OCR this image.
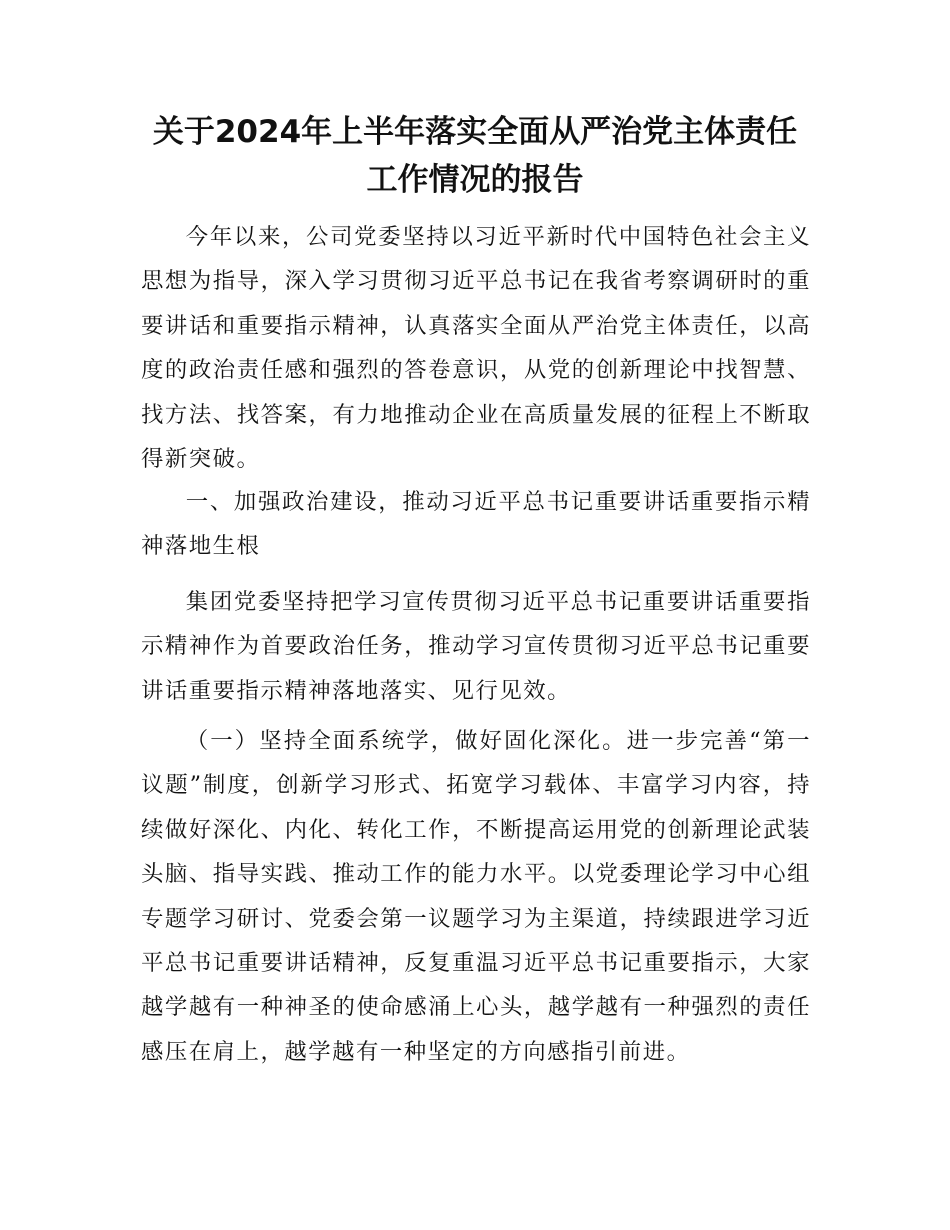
关于2024年上半年落实全面从严治党主体责任
工作情况的报告

今年以来，公司党委坚持以习近平新时代中国特色社会主义思想为指导，深入学习贯彻习近平总书记在我省考察调研时的重要讲话和重要指示精神，认真落实全面从严治党主体责任，以高度的政治责任感和强烈的答卷意识，从党的创新理论中找智慧、找方法、找答案，有力地推动企业在高质量发展的征程上不断取得新突破。

一、加强政治建设，推动习近平总书记重要讲话重要指示精神落地生根

集团党委坚持把学习宣传贯彻习近平总书记重要讲话重要指示精神作为首要政治任务，推动学习宣传贯彻习近平总书记重要讲话重要指示精神落地落实、见行见效。

（一）坚持全面系统学，做好固化深化。进一步完善“第一议题”制度，创新学习形式、拓宽学习载体、丰富学习内容，持续做好深化、内化、转化工作，不断提高运用党的创新理论武装头脑、指导实践、推动工作的能力水平。以党委理论学习中心组专题学习研讨、党委会第一议题学习为主渠道，持续跟进学习近平总书记重要讲话精神，反复重温习近平总书记重要指示，大家越学越有一种神圣的使命感涌上心头，越学越有一种强烈的责任感压在肩上，越学越有一种坚定的方向感指引前进。
